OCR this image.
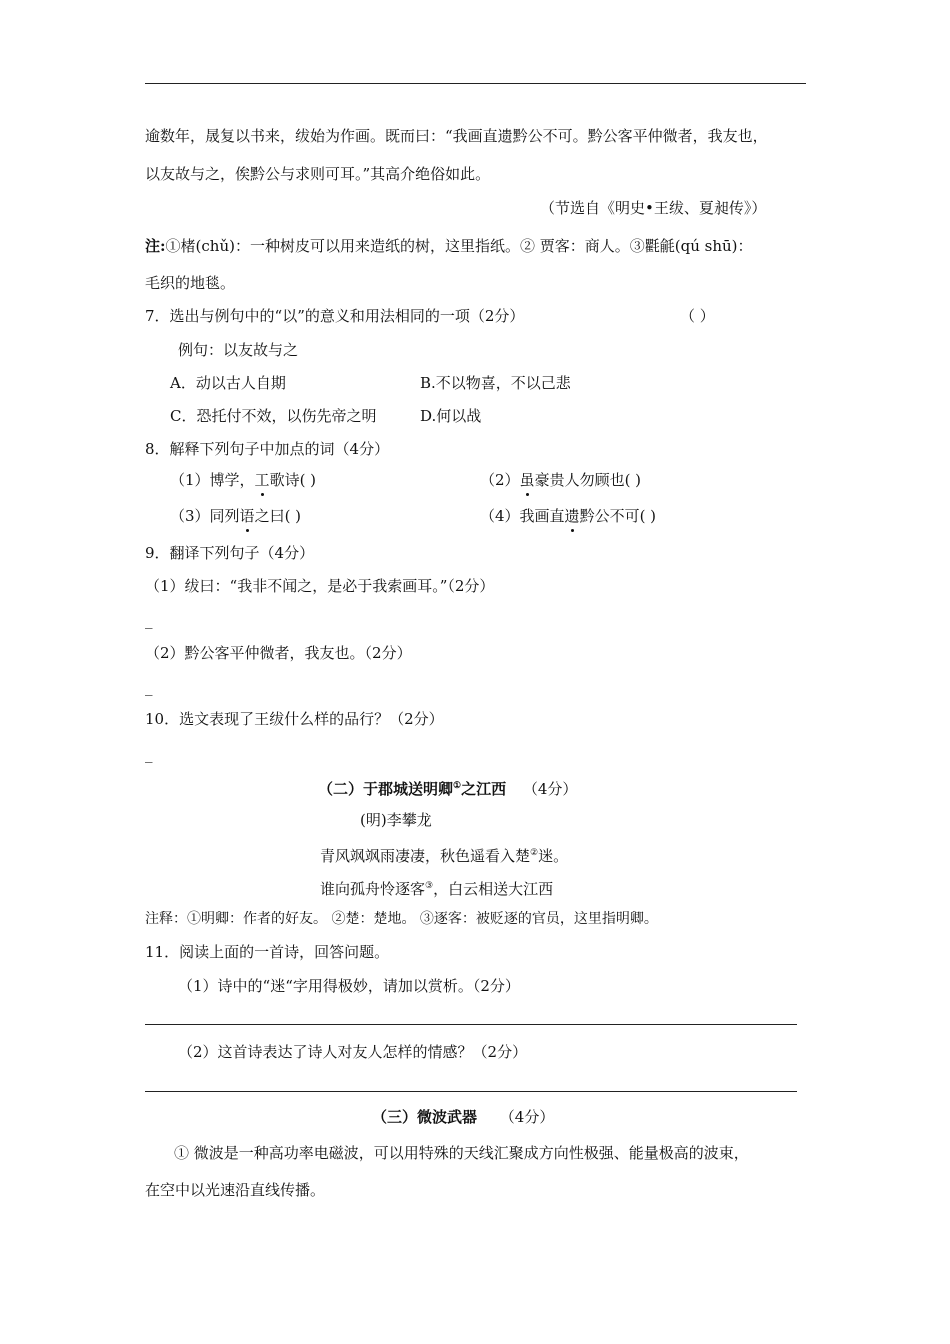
逾数年，晟复以书来，绂始为作画。既而曰：“我画直遗黔公不可。黔公客平仲微者，我友也，
以友故与之，俟黔公与求则可耳。”其高介绝俗如此。
（节选自《明史•王绂、夏昶传》）
注:①楮(chǔ)：一种树皮可以用来造纸的树，这里指纸。② 贾客：商人。③氍毹(qú shū)：
毛织的地毯。
7．选出与例句中的“以”的意义和用法相同的一项（2分）	（ ）
例句：以友故与之
A．动以古人自期	B.不以物喜，不以己悲
C．恐托付不效，以伤先帝之明	D.何以战
8．解释下列句子中加点的词（4分）
（1）博学，工歌诗( )	（2）虽豪贵人勿顾也( )
（3）同列语之曰( )	（4）我画直遗黔公不可( )
9．翻译下列句子（4分）
（1）绂曰：“我非不闻之，是必于我索画耳。”（2分）
_
（2）黔公客平仲微者，我友也。（2分）
_
10．选文表现了王绂什么样的品行？（2分）
_
（二）于郡城送明卿①之江西 （4分）
(明)李攀龙
青风飒飒雨凄凄，秋色遥看入楚②迷。
谁向孤舟怜逐客③，白云相送大江西
注释：①明卿：作者的好友。 ②楚：楚地。 ③逐客：被贬逐的官员，这里指明卿。
11．阅读上面的一首诗，回答问题。
（1）诗中的“迷“字用得极妙，请加以赏析。（2分）
（2）这首诗表达了诗人对友人怎样的情感？（2分）
（三）微波武器 （4分）
① 微波是一种高功率电磁波，可以用特殊的天线汇聚成方向性极强、能量极高的波束，
在空中以光速沿直线传播。
